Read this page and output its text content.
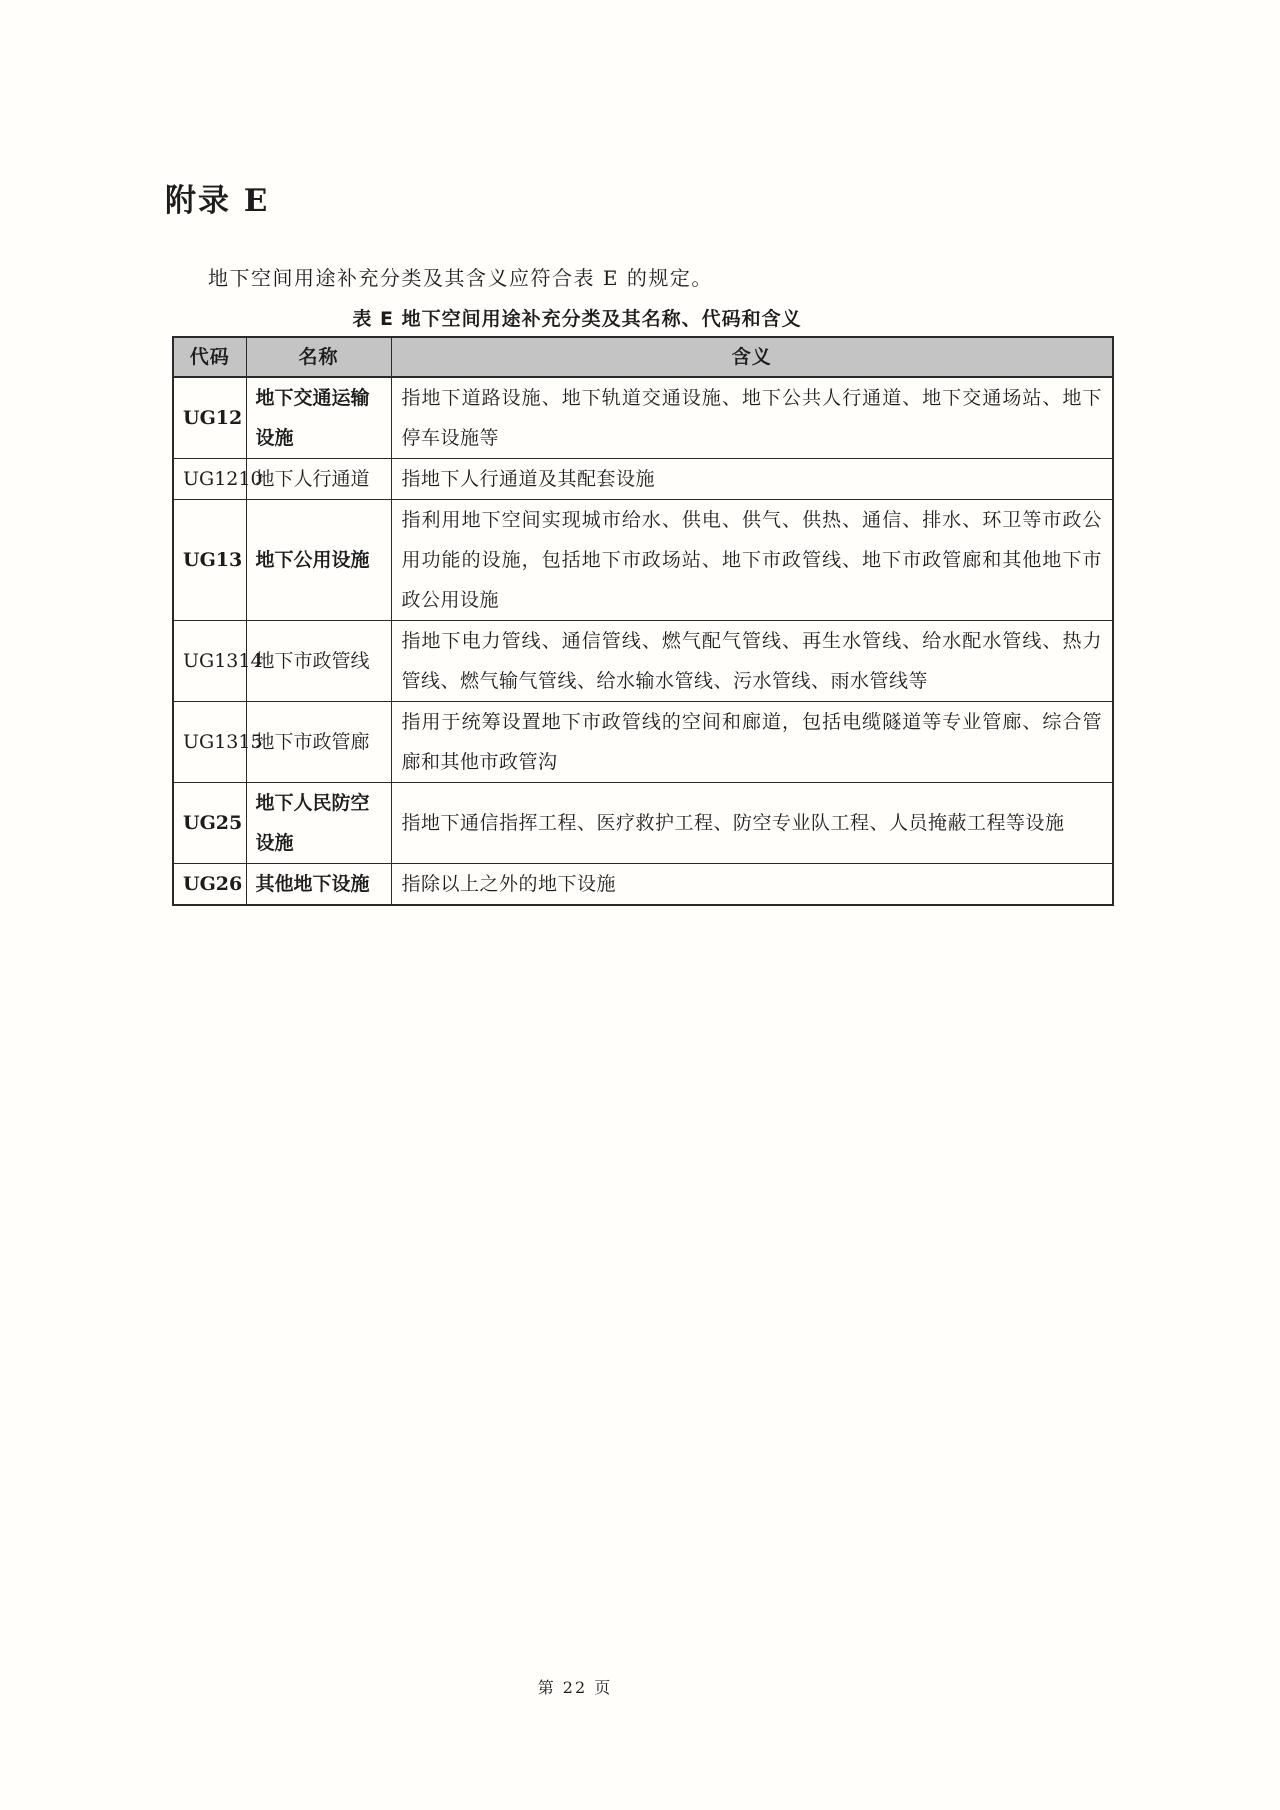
附录 E

地下空间用途补充分类及其含义应符合表 E 的规定。

表 E 地下空间用途补充分类及其名称、代码和含义
代码	名称	含义
UG12	地下交通运输设施	指地下道路设施、地下轨道交通设施、地下公共人行通道、地下交通场站、地下停车设施等
UG1210	地下人行通道	指地下人行通道及其配套设施
UG13	地下公用设施	指利用地下空间实现城市给水、供电、供气、供热、通信、排水、环卫等市政公用功能的设施，包括地下市政场站、地下市政管线、地下市政管廊和其他地下市政公用设施
UG1314	地下市政管线	指地下电力管线、通信管线、燃气配气管线、再生水管线、给水配水管线、热力管线、燃气输气管线、给水输水管线、污水管线、雨水管线等
UG1315	地下市政管廊	指用于统筹设置地下市政管线的空间和廊道，包括电缆隧道等专业管廊、综合管廊和其他市政管沟
UG25	地下人民防空设施	指地下通信指挥工程、医疗救护工程、防空专业队工程、人员掩蔽工程等设施
UG26	其他地下设施	指除以上之外的地下设施
第 22 页
